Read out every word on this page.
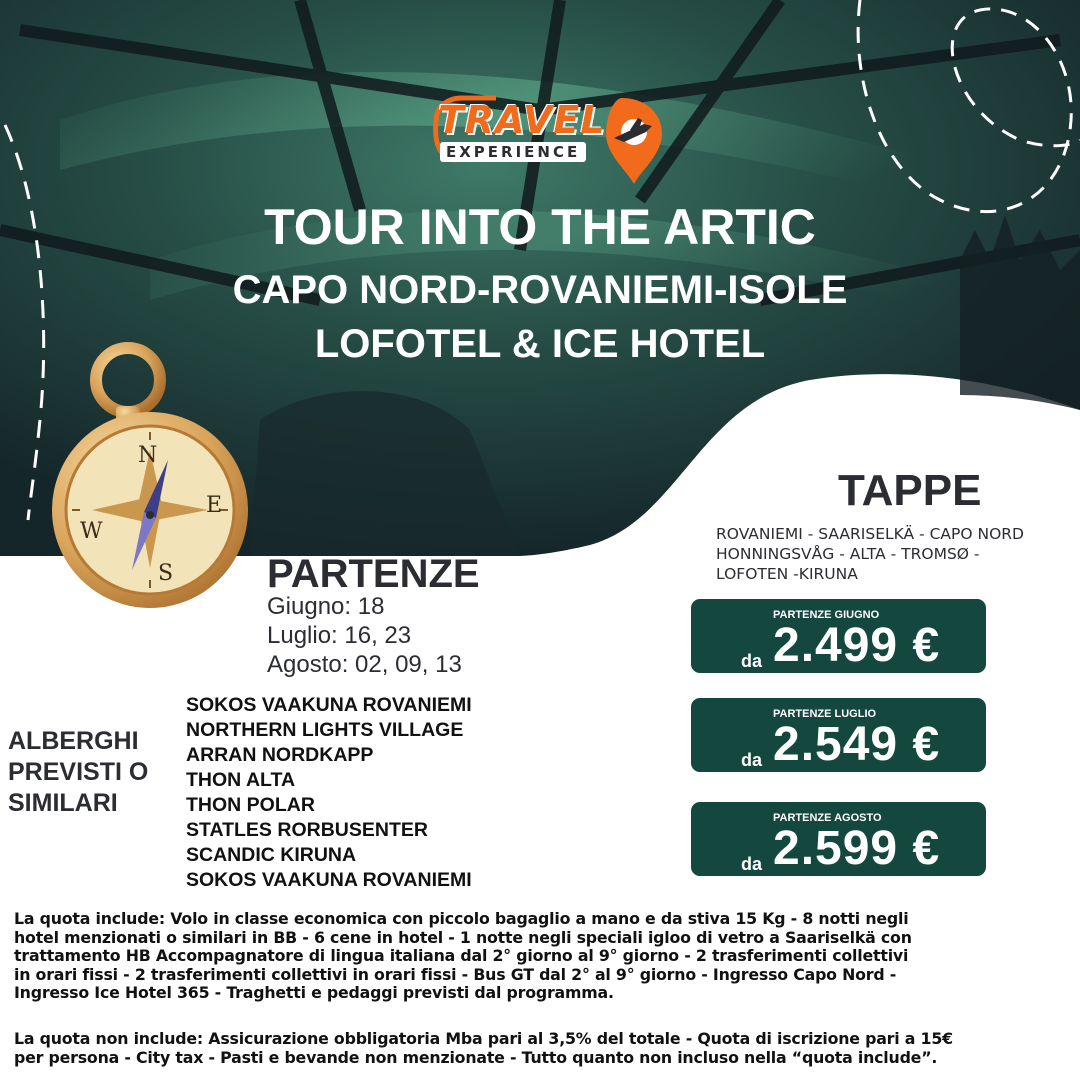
TRAVEL
EXPERIENCE
TOUR INTO THE ARTIC
CAPO NORD-ROVANIEMI-ISOLE
LOFOTEL & ICE HOTEL
N
E
S
W
TAPPE
ROVANIEMI - SAARISELKÄ - CAPO NORD HONNINGSVÅG - ALTA - TROMSØ - LOFOTEN -KIRUNA
PARTENZE
Giugno: 18
Luglio: 16, 23
Agosto: 02, 09, 13
PARTENZE GIUGNO
da 2.499 €
PARTENZE LUGLIO
da 2.549 €
PARTENZE AGOSTO
da 2.599 €
ALBERGHI
PREVISTI O
SIMILARI
SOKOS VAAKUNA ROVANIEMI
NORTHERN LIGHTS VILLAGE
ARRAN NORDKAPP
THON ALTA
THON POLAR
STATLES RORBUSENTER
SCANDIC KIRUNA
SOKOS VAAKUNA ROVANIEMI
La quota include: Volo in classe economica con piccolo bagaglio a mano e da stiva 15 Kg - 8 notti negli
hotel menzionati o similari in BB - 6 cene in hotel - 1 notte negli speciali igloo di vetro a Saariselkä con
trattamento HB Accompagnatore di lingua italiana dal 2° giorno al 9° giorno - 2 trasferimenti collettivi
in orari fissi - 2 trasferimenti collettivi in orari fissi - Bus GT dal 2° al 9° giorno - Ingresso Capo Nord -
Ingresso Ice Hotel 365 - Traghetti e pedaggi previsti dal programma.
La quota non include: Assicurazione obbligatoria Mba pari al 3,5% del totale - Quota di iscrizione pari a 15€
per persona - City tax - Pasti e bevande non menzionate - Tutto quanto non incluso nella “quota include”.
